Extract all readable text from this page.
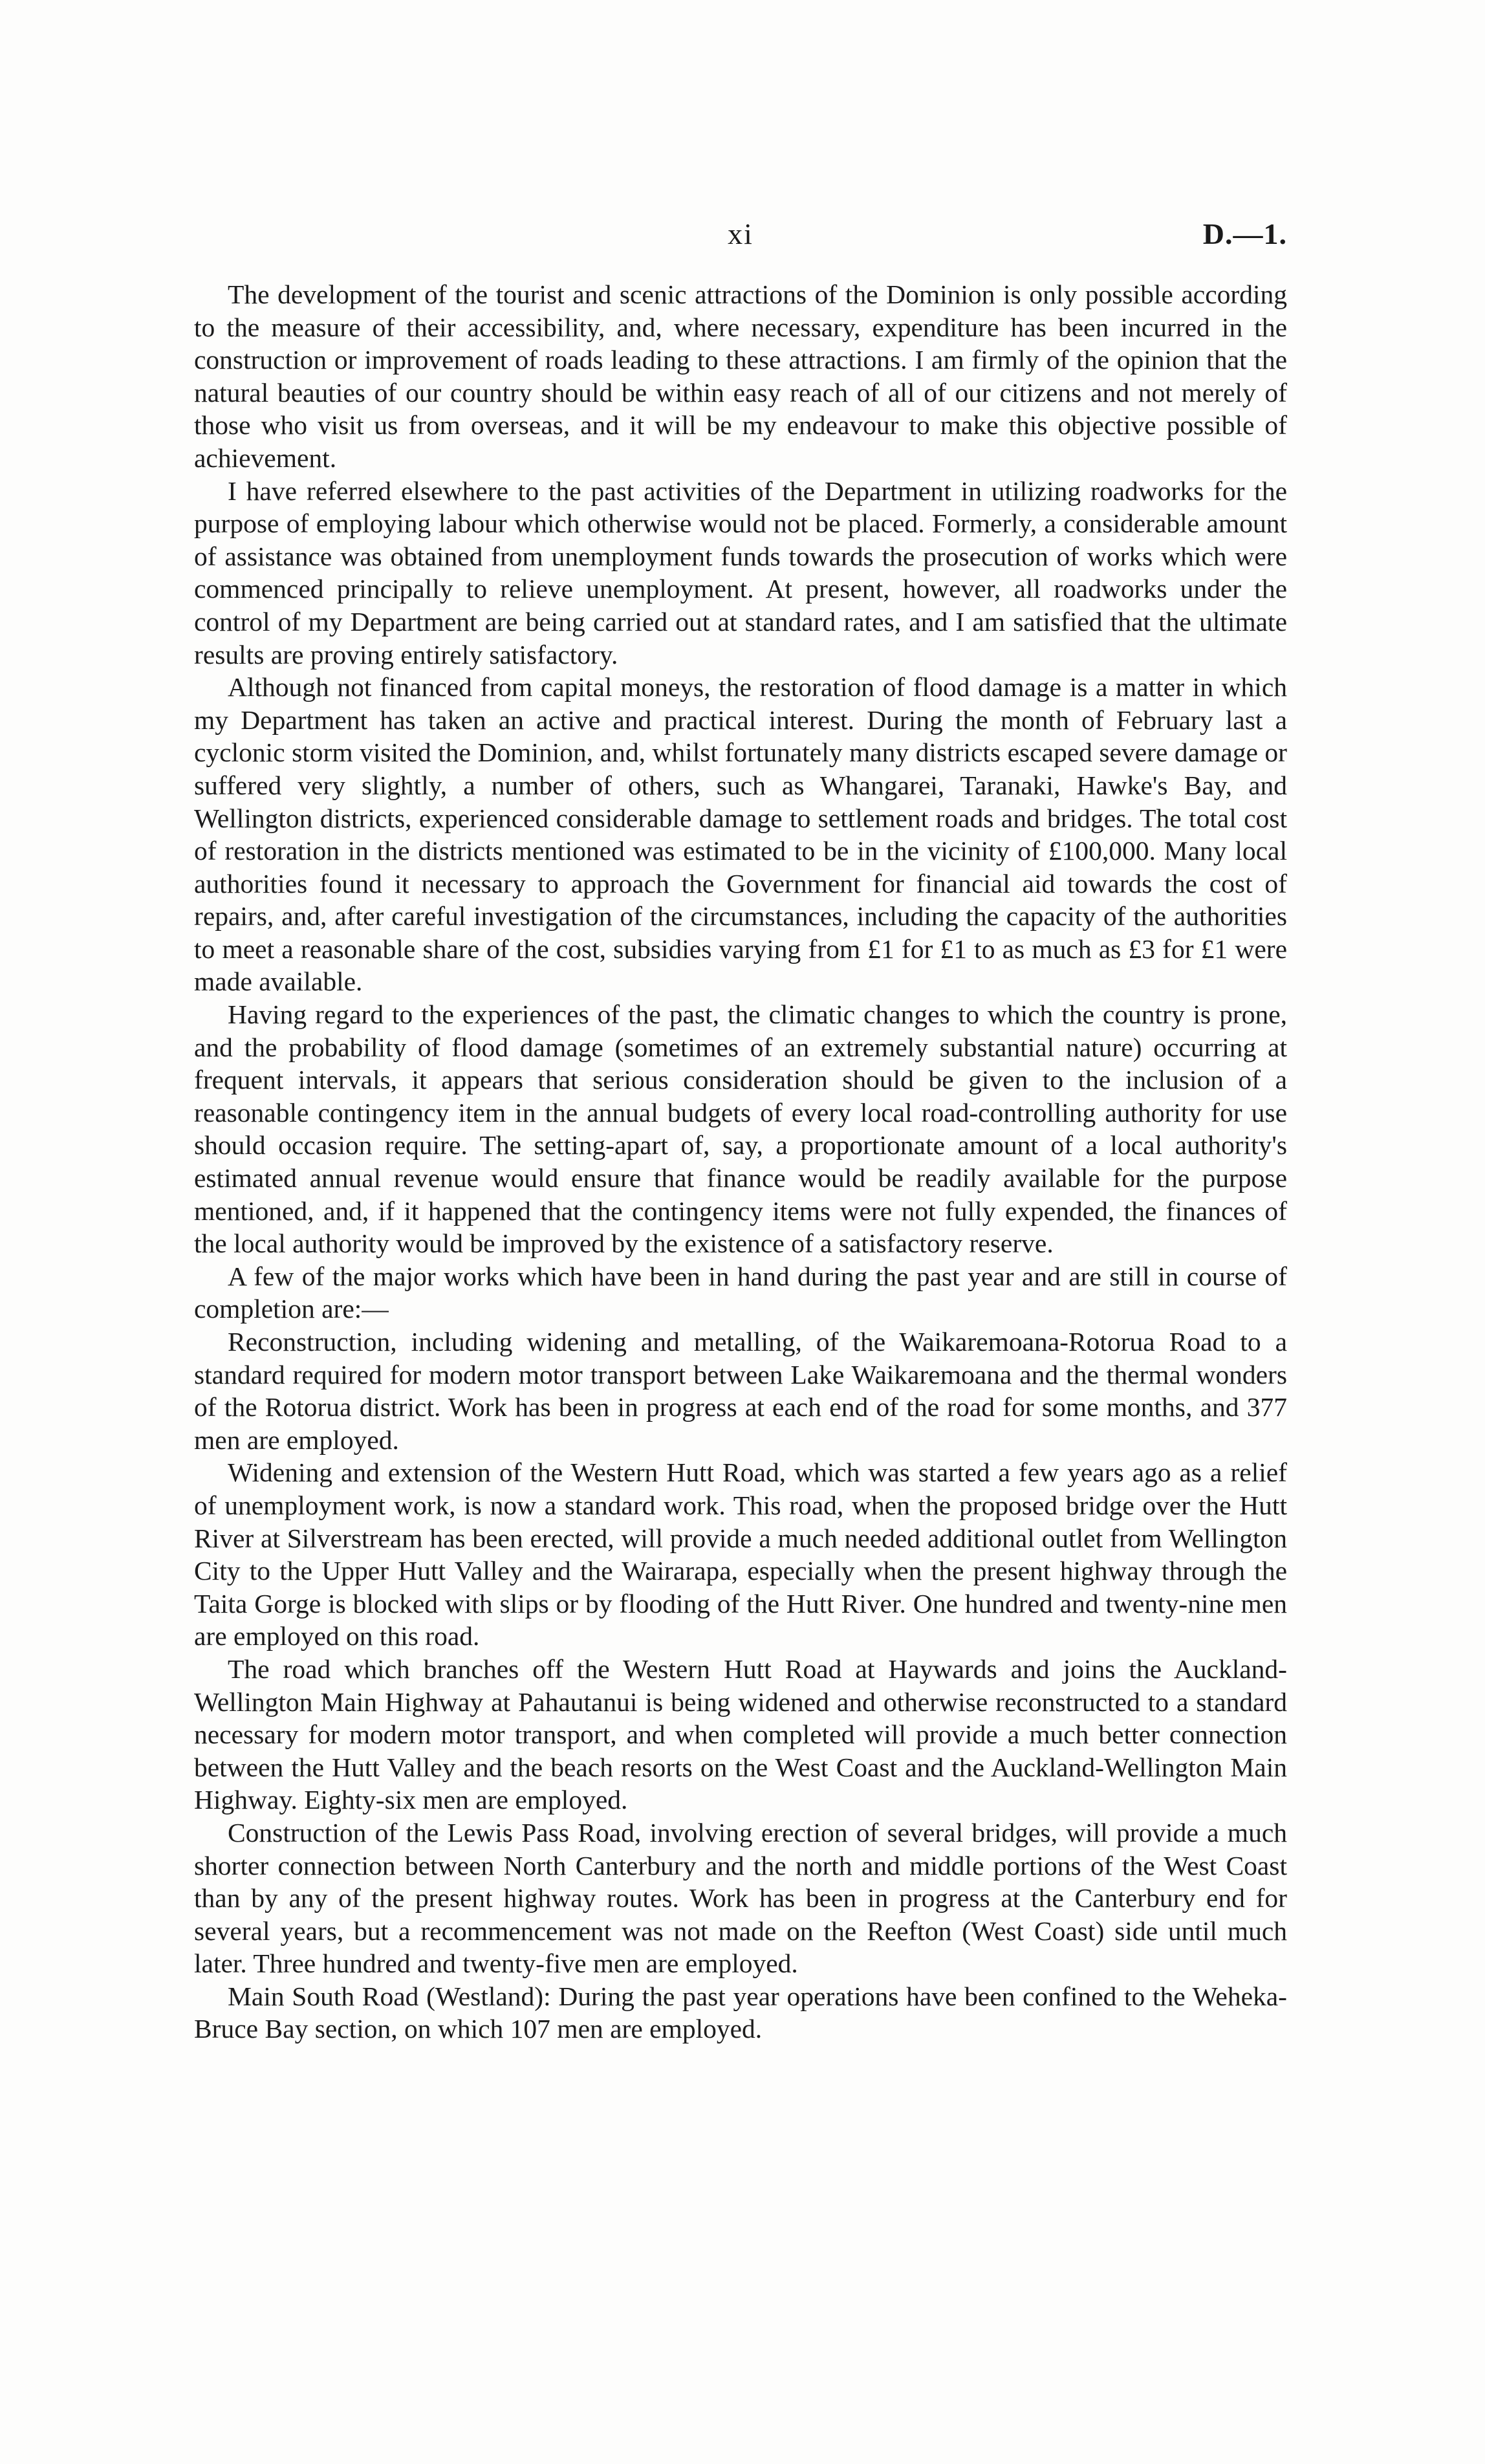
xi	D.—1.

The development of the tourist and scenic attractions of the Dominion is only possible according to the measure of their accessibility, and, where necessary, expenditure has been incurred in the construction or improvement of roads leading to these attractions. I am firmly of the opinion that the natural beauties of our country should be within easy reach of all of our citizens and not merely of those who visit us from overseas, and it will be my endeavour to make this objective possible of achievement.

I have referred elsewhere to the past activities of the Department in utilizing roadworks for the purpose of employing labour which otherwise would not be placed. Formerly, a considerable amount of assistance was obtained from unemployment funds towards the prosecution of works which were commenced principally to relieve unemployment. At present, however, all roadworks under the control of my Department are being carried out at standard rates, and I am satisfied that the ultimate results are proving entirely satisfactory.

Although not financed from capital moneys, the restoration of flood damage is a matter in which my Department has taken an active and practical interest. During the month of February last a cyclonic storm visited the Dominion, and, whilst fortunately many districts escaped severe damage or suffered very slightly, a number of others, such as Whangarei, Taranaki, Hawke's Bay, and Wellington districts, experienced considerable damage to settlement roads and bridges. The total cost of restoration in the districts mentioned was estimated to be in the vicinity of £100,000. Many local authorities found it necessary to approach the Government for financial aid towards the cost of repairs, and, after careful investigation of the circumstances, including the capacity of the authorities to meet a reasonable share of the cost, subsidies varying from £1 for £1 to as much as £3 for £1 were made available.

Having regard to the experiences of the past, the climatic changes to which the country is prone, and the probability of flood damage (sometimes of an extremely substantial nature) occurring at frequent intervals, it appears that serious consideration should be given to the inclusion of a reasonable contingency item in the annual budgets of every local road-controlling authority for use should occasion require. The setting-apart of, say, a proportionate amount of a local authority's estimated annual revenue would ensure that finance would be readily available for the purpose mentioned, and, if it happened that the contingency items were not fully expended, the finances of the local authority would be improved by the existence of a satisfactory reserve.

A few of the major works which have been in hand during the past year and are still in course of completion are:—

Reconstruction, including widening and metalling, of the Waikaremoana-Rotorua Road to a standard required for modern motor transport between Lake Waikaremoana and the thermal wonders of the Rotorua district. Work has been in progress at each end of the road for some months, and 377 men are employed.

Widening and extension of the Western Hutt Road, which was started a few years ago as a relief of unemployment work, is now a standard work. This road, when the proposed bridge over the Hutt River at Silverstream has been erected, will provide a much needed additional outlet from Wellington City to the Upper Hutt Valley and the Wairarapa, especially when the present highway through the Taita Gorge is blocked with slips or by flooding of the Hutt River. One hundred and twenty-nine men are employed on this road.

The road which branches off the Western Hutt Road at Haywards and joins the Auckland-Wellington Main Highway at Pahautanui is being widened and otherwise reconstructed to a standard necessary for modern motor transport, and when completed will provide a much better connection between the Hutt Valley and the beach resorts on the West Coast and the Auckland-Wellington Main Highway. Eighty-six men are employed.

Construction of the Lewis Pass Road, involving erection of several bridges, will provide a much shorter connection between North Canterbury and the north and middle portions of the West Coast than by any of the present highway routes. Work has been in progress at the Canterbury end for several years, but a recommencement was not made on the Reefton (West Coast) side until much later. Three hundred and twenty-five men are employed.

Main South Road (Westland): During the past year operations have been confined to the Weheka-Bruce Bay section, on which 107 men are employed.
